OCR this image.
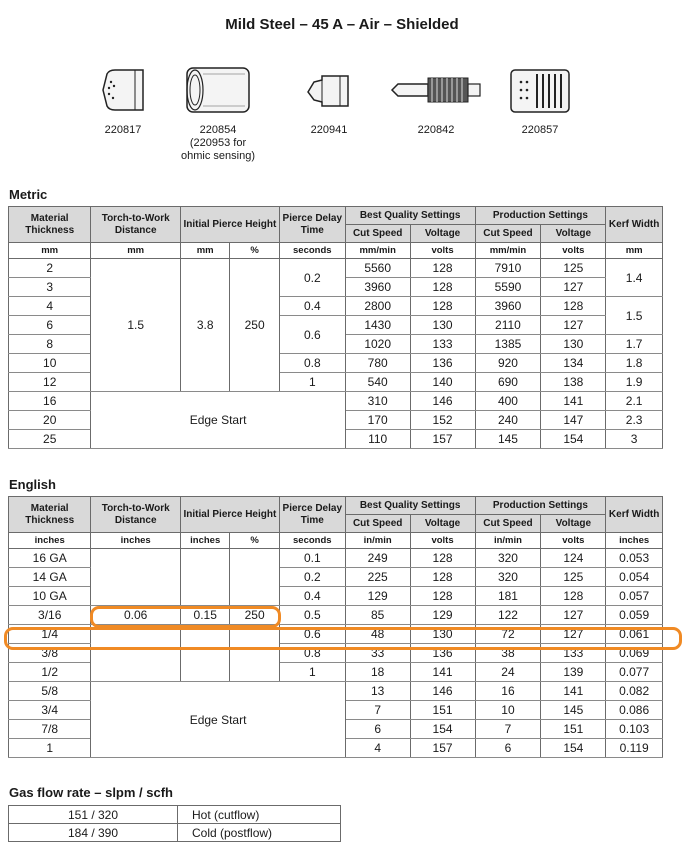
Mild Steel – 45 A – Air – Shielded
220817	220854
(220953 for
ohmic sensing)
220941	220842	220857
Metric
Material Thickness	Torch-to-Work Distance	Initial Pierce Height		Pierce Delay Time	Best Quality Settings		Production Settings		Kerf Width
					Cut Speed	Voltage	Cut Speed	Voltage	
mm	mm	mm	%	seconds	mm/min	volts	mm/min	volts	mm
2	1.5	3.8	250	0.2	5560	128	7910	125	1.4
3					3960	128	5590	127	
4				0.4	2800	128	3960	128	1.5
6				0.6	1430	130	2110	127	
8					1020	133	1385	130	1.7
10				0.8	780	136	920	134	1.8
12				1	540	140	690	138	1.9
16	Edge Start				310	146	400	141	2.1
20					170	152	240	147	2.3
25					110	157	145	154	3
English
Material Thickness	Torch-to-Work Distance	Initial Pierce Height		Pierce Delay Time	Best Quality Settings		Production Settings		Kerf Width
					Cut Speed	Voltage	Cut Speed	Voltage	
inches	inches	inches	%	seconds	in/min	volts	in/min	volts	inches
16 GA				0.1	249	128	320	124	0.053
14 GA				0.2	225	128	320	125	0.054
10 GA				0.4	129	128	181	128	0.057
3/16	0.06	0.15	250	0.5	85	129	122	127	0.059
1/4				0.6	48	130	72	127	0.061
3/8				0.8	33	136	38	133	0.069
1/2				1	18	141	24	139	0.077
5/8	Edge Start				13	146	16	141	0.082
3/4					7	151	10	145	0.086
7/8					6	154	7	151	0.103
1					4	157	6	154	0.119
Gas flow rate – slpm / scfh
151 / 320	Hot (cutflow)
184 / 390	Cold (postflow)
